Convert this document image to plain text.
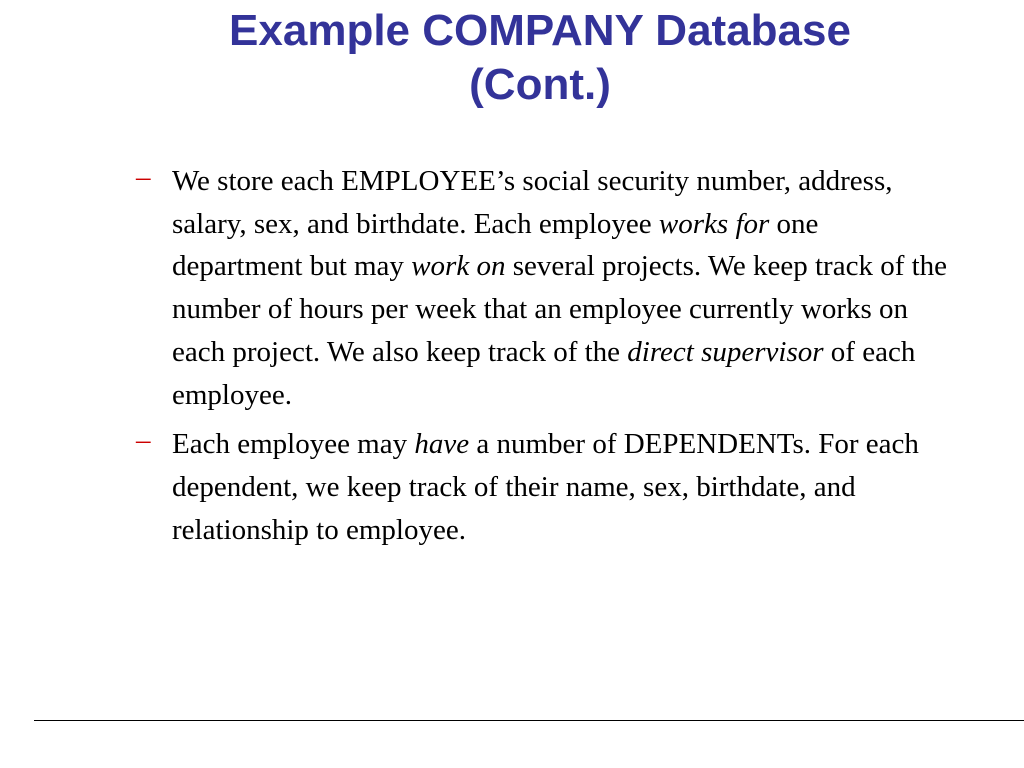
Example COMPANY Database
(Cont.)
– We store each EMPLOYEE’s social security number, address, salary, sex, and birthdate. Each employee works for one department but may work on several projects. We keep track of the number of hours per week that an employee currently works on each project. We also keep track of the direct supervisor of each employee.
– Each employee may have a number of DEPENDENTs. For each dependent, we keep track of their name, sex, birthdate, and relationship to employee.
